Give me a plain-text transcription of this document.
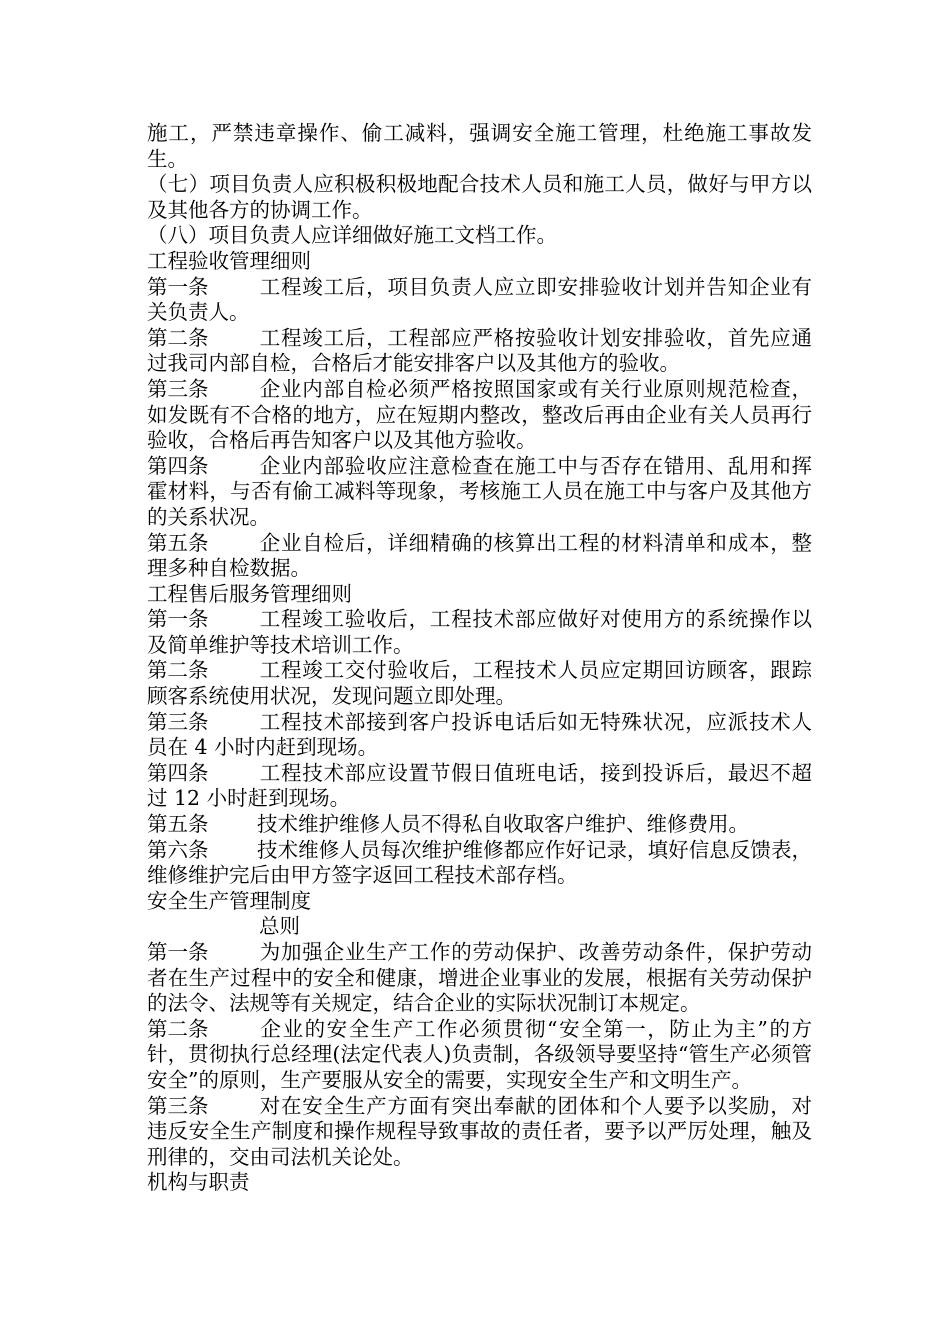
施工，严禁违章操作、偷工减料，强调安全施工管理，杜绝施工事故发生。

（七）项目负责人应积极积极地配合技术人员和施工人员，做好与甲方以及其他各方的协调工作。

（八）项目负责人应详细做好施工文档工作。

工程验收管理细则

第一条 工程竣工后，项目负责人应立即安排验收计划并告知企业有关负责人。

第二条 工程竣工后，工程部应严格按验收计划安排验收，首先应通过我司内部自检，合格后才能安排客户以及其他方的验收。

第三条 企业内部自检必须严格按照国家或有关行业原则规范检查，如发既有不合格的地方，应在短期内整改，整改后再由企业有关人员再行验收，合格后再告知客户以及其他方验收。

第四条 企业内部验收应注意检查在施工中与否存在错用、乱用和挥霍材料，与否有偷工减料等现象，考核施工人员在施工中与客户及其他方的关系状况。

第五条 企业自检后，详细精确的核算出工程的材料清单和成本，整理多种自检数据。

工程售后服务管理细则

第一条 工程竣工验收后，工程技术部应做好对使用方的系统操作以及简单维护等技术培训工作。

第二条 工程竣工交付验收后，工程技术人员应定期回访顾客，跟踪顾客系统使用状况，发现问题立即处理。

第三条 工程技术部接到客户投诉电话后如无特殊状况，应派技术人员在 4 小时内赶到现场。

第四条 工程技术部应设置节假日值班电话，接到投诉后，最迟不超过 12 小时赶到现场。

第五条 技术维护维修人员不得私自收取客户维护、维修费用。

第六条 技术维修人员每次维护维修都应作好记录，填好信息反馈表，维修维护完后由甲方签字返回工程技术部存档。

安全生产管理制度

总则

第一条 为加强企业生产工作的劳动保护、改善劳动条件，保护劳动者在生产过程中的安全和健康，增进企业事业的发展，根据有关劳动保护的法令、法规等有关规定，结合企业的实际状况制订本规定。

第二条 企业的安全生产工作必须贯彻“安全第一，防止为主”的方针，贯彻执行总经理(法定代表人)负责制，各级领导要坚持“管生产必须管安全”的原则，生产要服从安全的需要，实现安全生产和文明生产。

第三条 对在安全生产方面有突出奉献的团体和个人要予以奖励，对违反安全生产制度和操作规程导致事故的责任者，要予以严厉处理，触及刑律的，交由司法机关论处。

机构与职责
